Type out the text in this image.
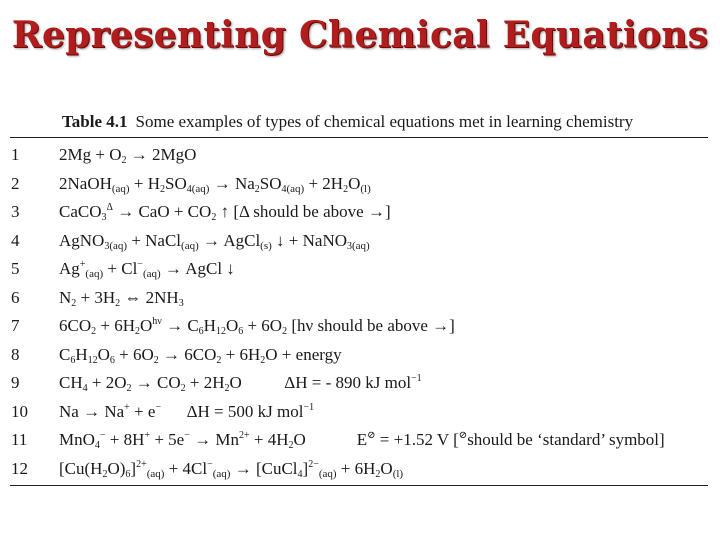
Representing Chemical Equations
Table 4.1 Some examples of types of chemical equations met in learning chemistry
1	$2Mg + O_2 \to 2MgO$
2	2NaOH(aq) + $H_2SO_4(aq) \to Na_2SO_4(aq) + 2H_2O(l)$
3	CaCO$_3^\Delta$ → CaO + $CO_2$ ↑ [Δ should be above →]
4	AgNO$_3$(aq) + NaCl(aq) → AgCl(s) ↓ + NaNO$_3$(aq)
5	Ag+(aq) + Cl−(aq) → AgCl ↓
6	$N_2 + 3H_2$ ⇔ $2NH_3$
7	$6CO_2 + 6H_2O^{h\nu} \to C_6H_{12}O_6 + 6O_2$ [hν should be above →]
8	$C_6H_{12}O_6 + 6O_2 \to 6CO_2 + 6H_2O$ + energy
9	$CH_4 + 2O_2 \to CO_2 + 2H_2O$          ΔH = - 890 kJ mol$^{-1}$
10	Na → Na+ + e−      ΔH = 500 kJ mol$^{-1}$
11	$MnO_4^- + 8H^+ + 5e^- \to Mn^{2+} + 4H_2O$            E⊘ = +1.52 V [⊘should be ‘standard’ symbol]
12	$[Cu(H_2O)_6]^{2+}(aq) + 4Cl^-(aq)$ → [CuCl$_4$]$^{2-}$(aq) + $6H_2O(l)$
